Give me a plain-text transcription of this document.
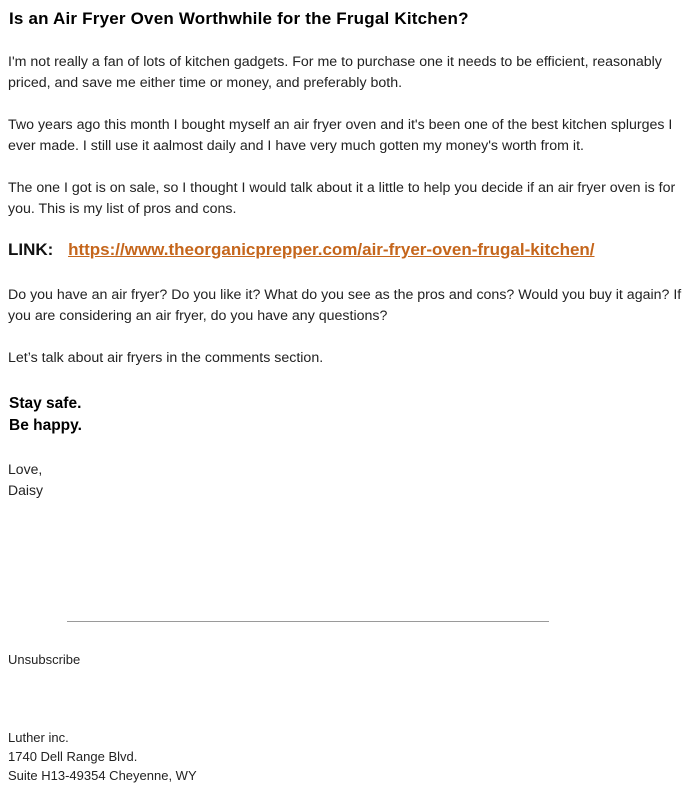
Is an Air Fryer Oven Worthwhile for the Frugal Kitchen?
I'm not really a fan of lots of kitchen gadgets. For me to purchase one it needs to be efficient, reasonably priced, and save me either time or money, and preferably both.
Two years ago this month I bought myself an air fryer oven and it's been one of the best kitchen splurges I ever made. I still use it aalmost daily and I have very much gotten my money's worth from it.
The one I got is on sale, so I thought I would talk about it a little to help you decide if an air fryer oven is for you. This is my list of pros and cons.
LINK: https://www.theorganicprepper.com/air-fryer-oven-frugal-kitchen/
Do you have an air fryer? Do you like it? What do you see as the pros and cons? Would you buy it again? If you are considering an air fryer, do you have any questions?
Let’s talk about air fryers in the comments section.
Stay safe.
Be happy.
Love,
Daisy
Unsubscribe
Luther inc.
1740 Dell Range Blvd.
Suite H13-49354 Cheyenne, WY
